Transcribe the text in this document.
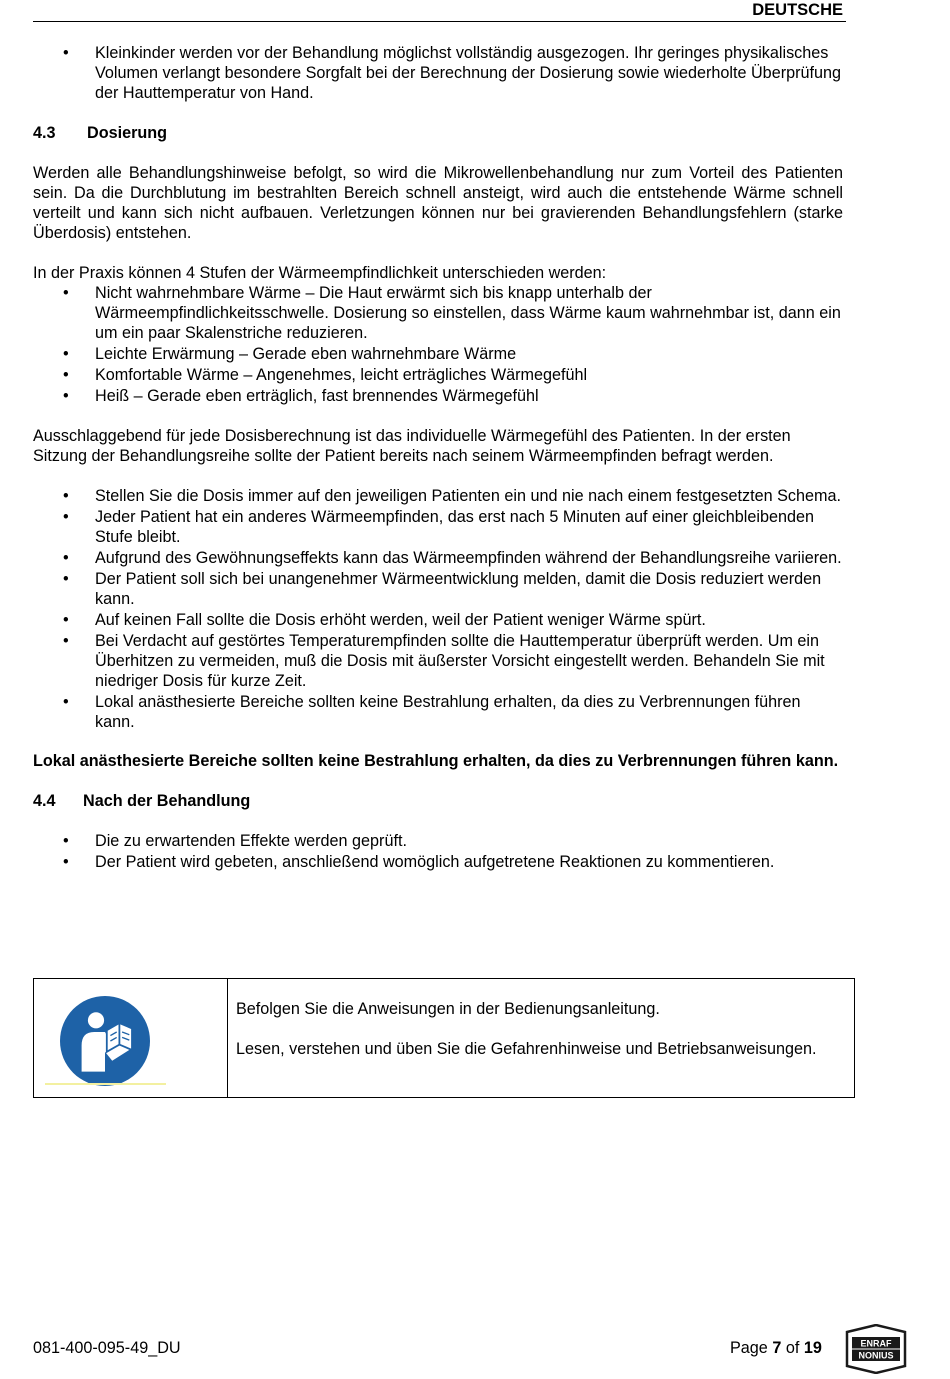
DEUTSCHE
• Kleinkinder werden vor der Behandlung möglichst vollständig ausgezogen. Ihr geringes physikalisches Volumen verlangt besondere Sorgfalt bei der Berechnung der Dosierung sowie wiederholte Überprüfung der Hauttemperatur von Hand.
4.3 Dosierung

Werden alle Behandlungshinweise befolgt, so wird die Mikrowellenbehandlung nur zum Vorteil des Patienten sein. Da die Durchblutung im bestrahlten Bereich schnell ansteigt, wird auch die entstehende Wärme schnell verteilt und kann sich nicht aufbauen. Verletzungen können nur bei gravierenden Behandlungsfehlern (starke Überdosis) entstehen.

In der Praxis können 4 Stufen der Wärmeempfindlichkeit unterschieden werden:

• Nicht wahrnehmbare Wärme – Die Haut erwärmt sich bis knapp unterhalb der Wärmeempfindlichkeitsschwelle. Dosierung so einstellen, dass Wärme kaum wahrnehmbar ist, dann ein um ein paar Skalenstriche reduzieren.
• Leichte Erwärmung – Gerade eben wahrnehmbare Wärme
• Komfortable Wärme – Angenehmes, leicht erträgliches Wärmegefühl
• Heiß – Gerade eben erträglich, fast brennendes Wärmegefühl

Ausschlaggebend für jede Dosisberechnung ist das individuelle Wärmegefühl des Patienten. In der ersten Sitzung der Behandlungsreihe sollte der Patient bereits nach seinem Wärmeempfinden befragt werden.

• Stellen Sie die Dosis immer auf den jeweiligen Patienten ein und nie nach einem festgesetzten Schema.
• Jeder Patient hat ein anderes Wärmeempfinden, das erst nach 5 Minuten auf einer gleichbleibenden Stufe bleibt.
• Aufgrund des Gewöhnungseffekts kann das Wärmeempfinden während der Behandlungsreihe variieren.
• Der Patient soll sich bei unangenehmer Wärmeentwicklung melden, damit die Dosis reduziert werden kann.
• Auf keinen Fall sollte die Dosis erhöht werden, weil der Patient weniger Wärme spürt.
• Bei Verdacht auf gestörtes Temperaturempfinden sollte die Hauttemperatur überprüft werden. Um ein Überhitzen zu vermeiden, muß die Dosis mit äußerster Vorsicht eingestellt werden. Behandeln Sie mit niedriger Dosis für kurze Zeit.
• Lokal anästhesierte Bereiche sollten keine Bestrahlung erhalten, da dies zu Verbrennungen führen kann.

Lokal anästhesierte Bereiche sollten keine Bestrahlung erhalten, da dies zu Verbrennungen führen kann.

4.4 Nach der Behandlung
• Die zu erwartenden Effekte werden geprüft.
• Der Patient wird gebeten, anschließend womöglich aufgetretene Reaktionen zu kommentieren.

Befolgen Sie die Anweisungen in der Bedienungsanleitung.

Lesen, verstehen und üben Sie die Gefahrenhinweise und Betriebsanweisungen.

081-400-095-49_DU	Page 7 of 19	ENRAF
NONIUS
